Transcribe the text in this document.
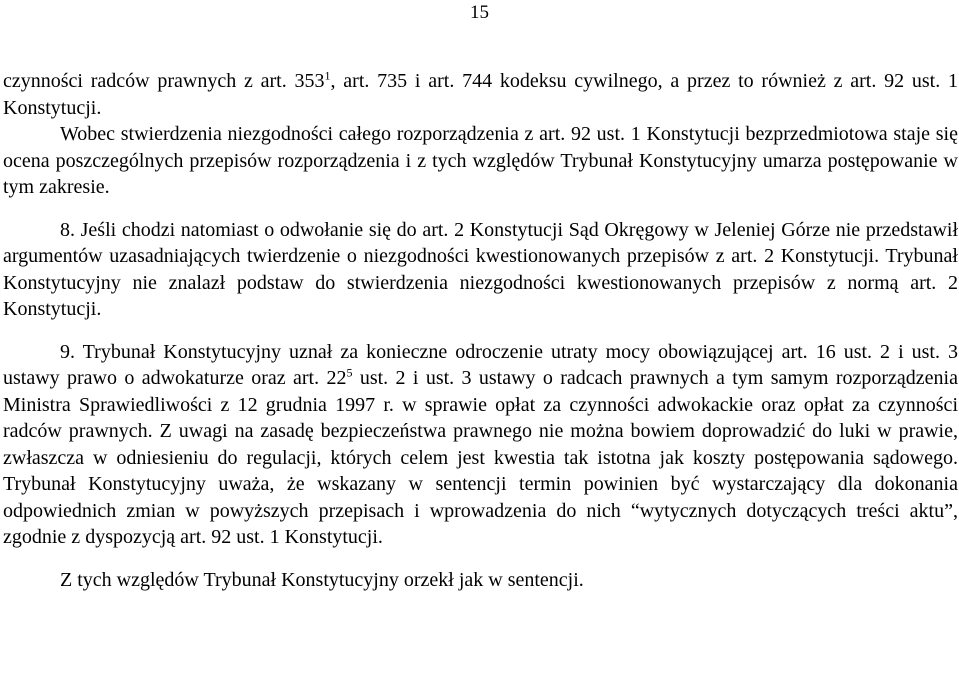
15

czynności radców prawnych z art. $353^1$, art. 735 i art. 744 kodeksu cywilnego, a przez to również z art. 92 ust. 1 Konstytucji.

Wobec stwierdzenia niezgodności całego rozporządzenia z art. 92 ust. 1 Konstytucji bezprzedmiotowa staje się ocena poszczególnych przepisów rozporządzenia i z tych względów Trybunał Konstytucyjny umarza postępowanie w tym zakresie.

8. Jeśli chodzi natomiast o odwołanie się do art. 2 Konstytucji Sąd Okręgowy w Jeleniej Górze nie przedstawił argumentów uzasadniających twierdzenie o niezgodności kwestionowanych przepisów z art. 2 Konstytucji. Trybunał Konstytucyjny nie znalazł podstaw do stwierdzenia niezgodności kwestionowanych przepisów z normą art. 2 Konstytucji.

9. Trybunał Konstytucyjny uznał za konieczne odroczenie utraty mocy obowiązującej art. 16 ust. 2 i ust. 3 ustawy prawo o adwokaturze oraz art. $22^5$ ust. 2 i ust. 3 ustawy o radcach prawnych a tym samym rozporządzenia Ministra Sprawiedliwości z 12 grudnia 1997 r. w sprawie opłat za czynności adwokackie oraz opłat za czynności radców prawnych. Z uwagi na zasadę bezpieczeństwa prawnego nie można bowiem doprowadzić do luki w prawie, zwłaszcza w odniesieniu do regulacji, których celem jest kwestia tak istotna jak koszty postępowania sądowego. Trybunał Konstytucyjny uważa, że wskazany w sentencji termin powinien być wystarczający dla dokonania odpowiednich zmian w powyższych przepisach i wprowadzenia do nich “wytycznych dotyczących treści aktu”, zgodnie z dyspozycją art. 92 ust. 1 Konstytucji.

Z tych względów Trybunał Konstytucyjny orzekł jak w sentencji.
